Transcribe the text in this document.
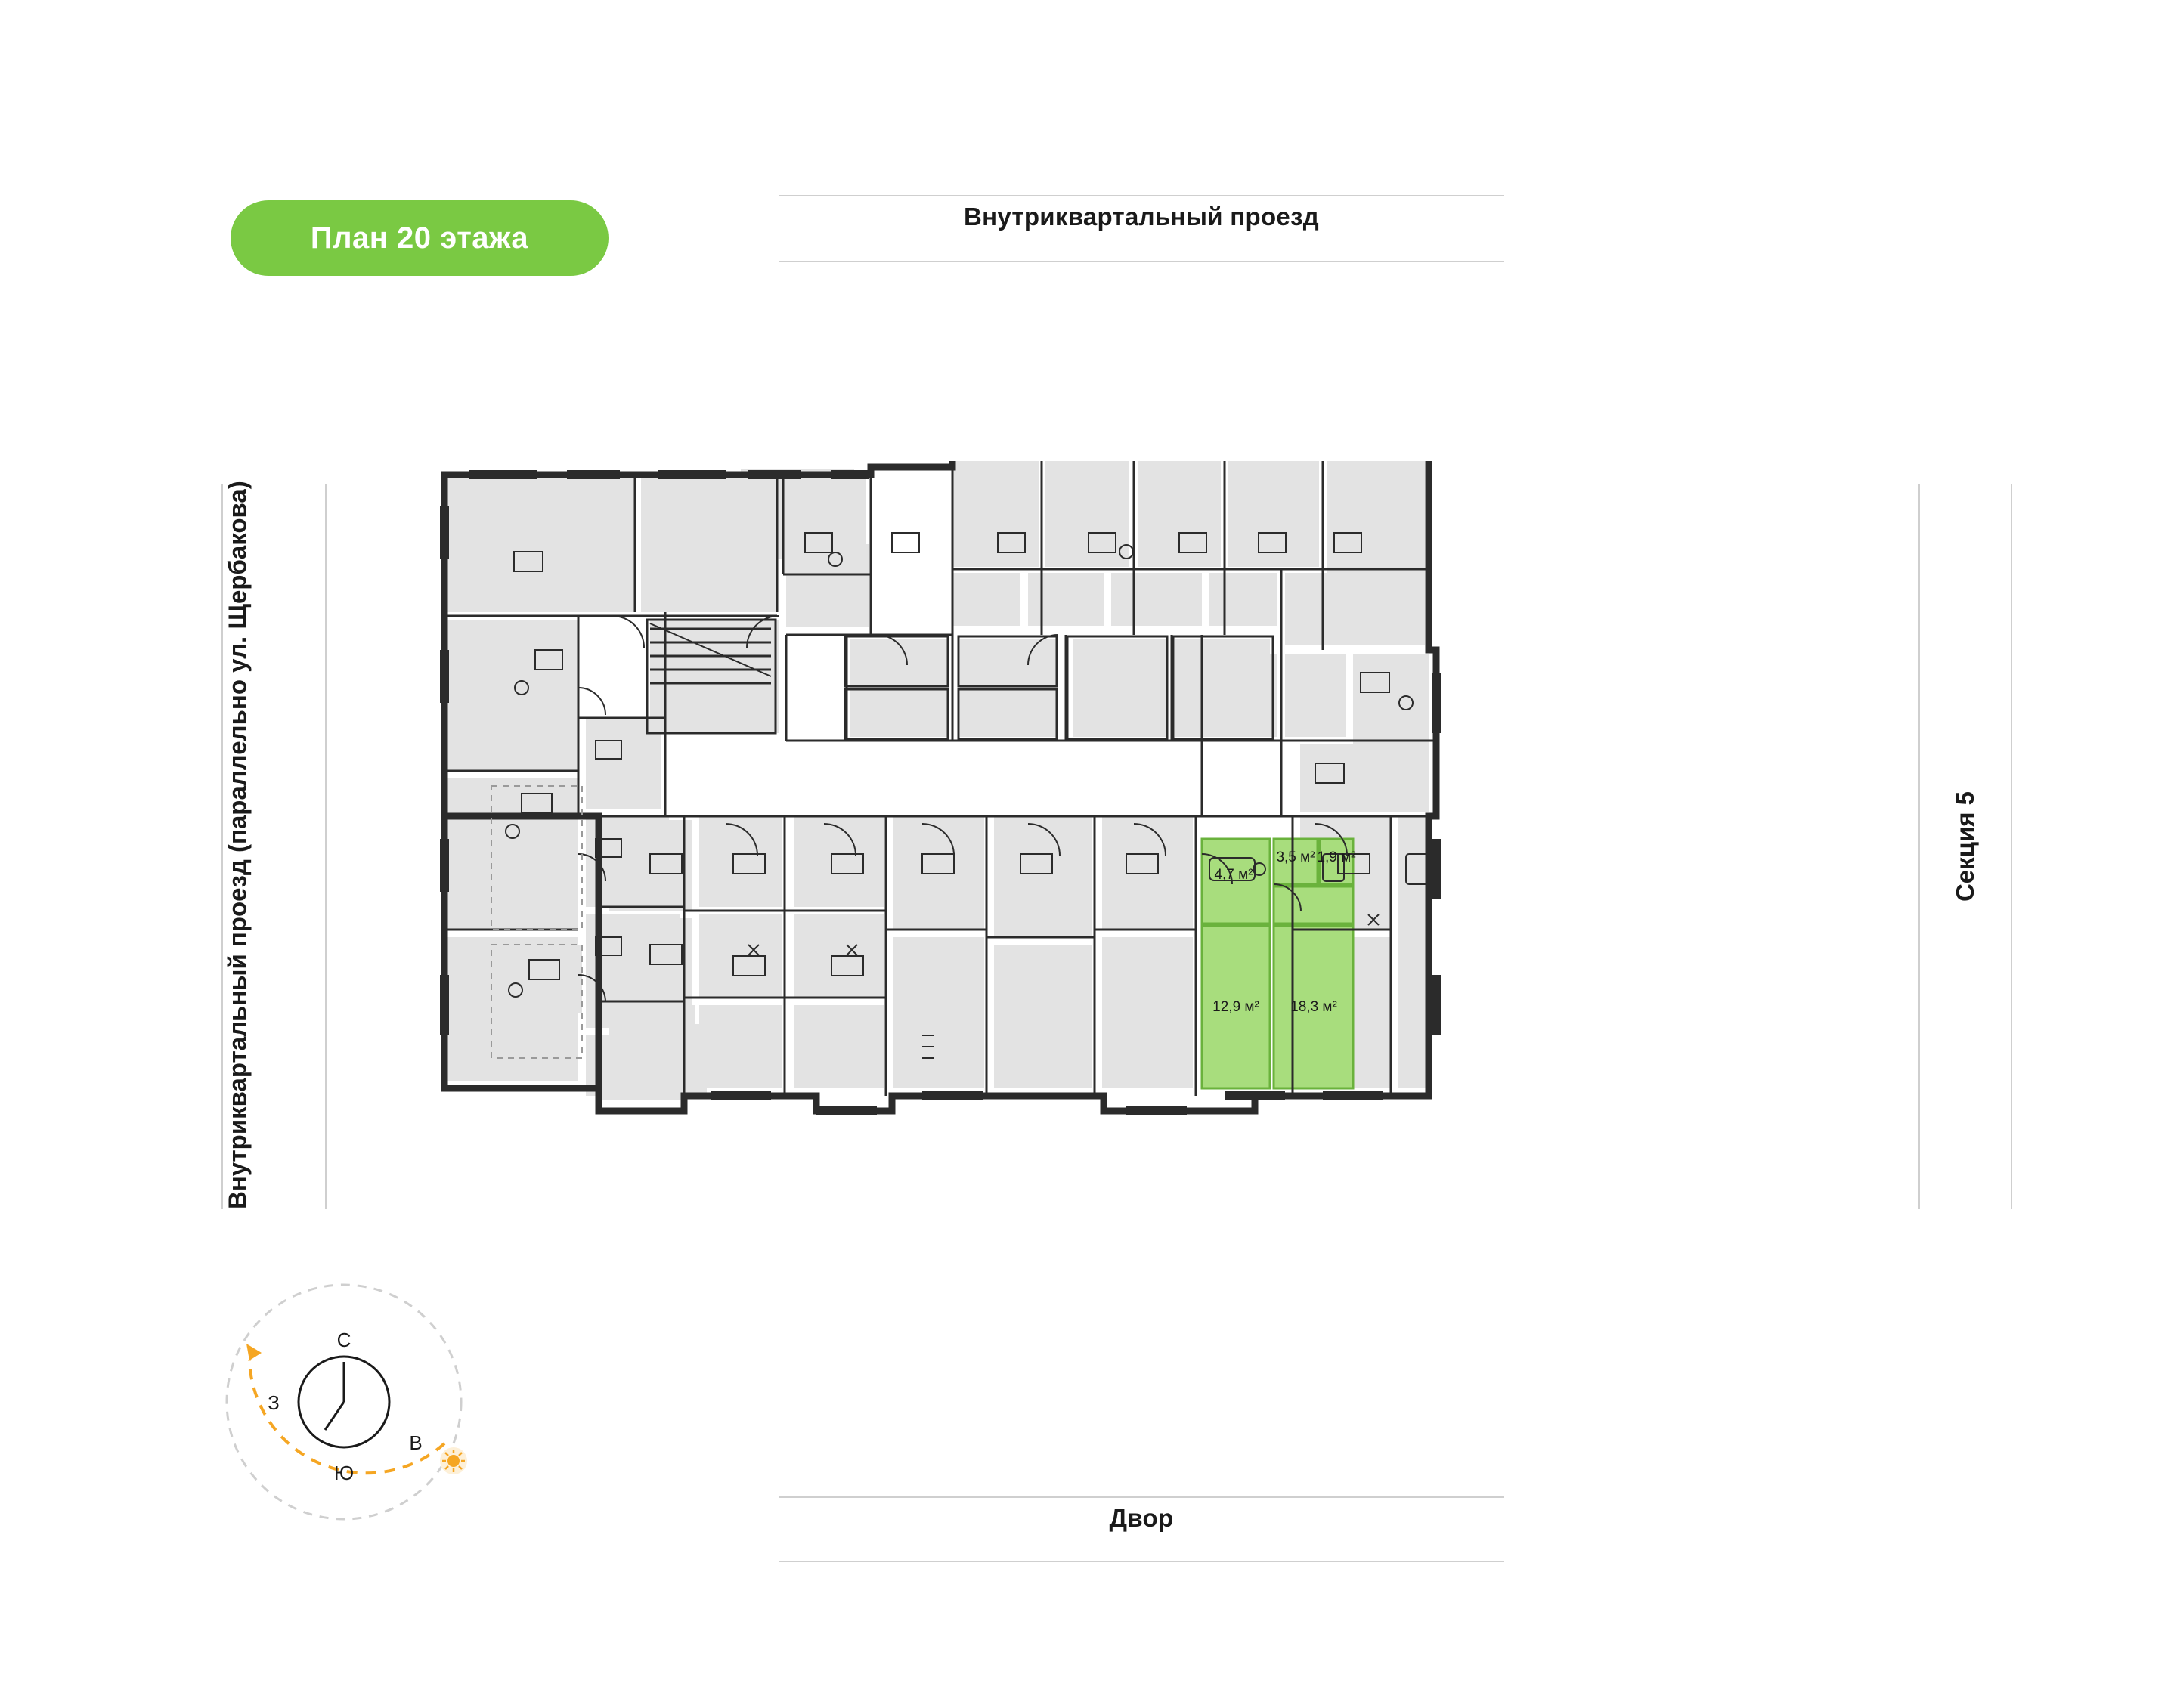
План 20 этажа
Внутриквартальный проезд
Двор
Внутриквартальный проезд (параллельно ул. Щербакова)	Секция 5
12,9 м² 18,3 м²
4,7 м²
3,5 м² 1,9 м²
С
Ю
З
В
